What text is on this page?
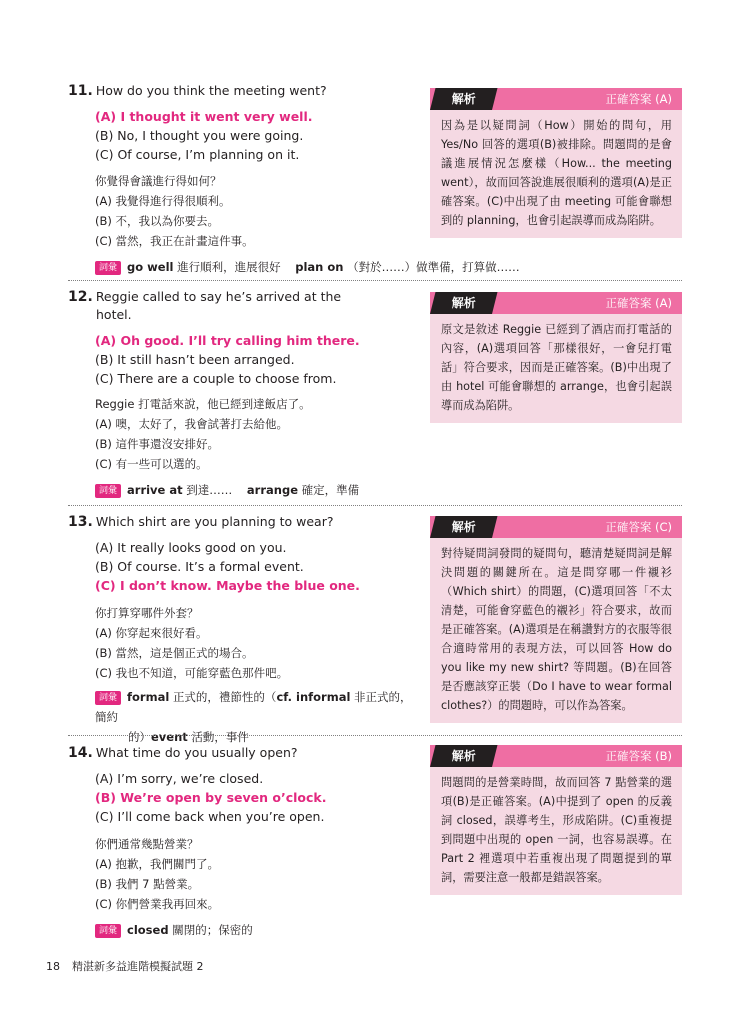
11. How do you think the meeting went?
(A) I thought it went very well.
(B) No, I thought you were going.
(C) Of course, I’m planning on it.
你覺得會議進行得如何？
(A) 我覺得進行得很順利。
(B) 不，我以為你要去。
(C) 當然，我正在計畫這件事。
詞彙 go well 進行順利，進展很好 plan on （對於……）做準備，打算做……
解析	正確答案 (A)
因為是以疑問詞（How）開始的問句，用 Yes/No 回答的選項(B)被排除。問題問的是會議進展情況怎麼樣（How... the meeting went），故而回答說進展很順利的選項(A)是正確答案。(C)中出現了由 meeting 可能會聯想到的 planning，也會引起誤導而成為陷阱。
12. Reggie called to say he’s arrived at the
hotel.
(A) Oh good. I’ll try calling him there.
(B) It still hasn’t been arranged.
(C) There are a couple to choose from.
Reggie 打電話來說，他已經到達飯店了。
(A) 噢，太好了，我會試著打去給他。
(B) 這件事還沒安排好。
(C) 有一些可以選的。
詞彙 arrive at 到達…… arrange 確定，準備
解析	正確答案 (A)
原文是敘述 Reggie 已經到了酒店而打電話的內容，(A)選項回答「那樣很好，一會兒打電話」符合要求，因而是正確答案。(B)中出現了由 hotel 可能會聯想的 arrange，也會引起誤導而成為陷阱。
13. Which shirt are you planning to wear?
(A) It really looks good on you.
(B) Of course. It’s a formal event.
(C) I don’t know. Maybe the blue one.
你打算穿哪件外套？
(A) 你穿起來很好看。
(B) 當然，這是個正式的場合。
(C) 我也不知道，可能穿藍色那件吧。
詞彙 formal 正式的，禮節性的（cf. informal 非正式的，簡約
的）event 活動，事件
解析	正確答案 (C)
對待疑問詞發問的疑問句，聽清楚疑問詞是解決問題的關鍵所在。這是問穿哪一件襯衫（Which shirt）的問題，(C)選項回答「不太清楚，可能會穿藍色的襯衫」符合要求，故而是正確答案。(A)選項是在稱讚對方的衣服等很合適時常用的表現方法，可以回答 How do you like my new shirt? 等問題。(B)在回答是否應該穿正裝（Do I have to wear formal clothes?）的問題時，可以作為答案。
14. What time do you usually open?
(A) I’m sorry, we’re closed.
(B) We’re open by seven o’clock.
(C) I’ll come back when you’re open.
你們通常幾點營業？
(A) 抱歉，我們關門了。
(B) 我們 7 點營業。
(C) 你們營業我再回來。
詞彙 closed 關閉的；保密的
解析	正確答案 (B)
問題問的是營業時間，故而回答 7 點營業的選項(B)是正確答案。(A)中提到了 open 的反義詞 closed，誤導考生，形成陷阱。(C)重複提到問題中出現的 open 一詞，也容易誤導。在 Part 2 裡選項中若重複出現了問題提到的單詞，需要注意一般都是錯誤答案。
18 精湛新多益進階模擬試題 2
